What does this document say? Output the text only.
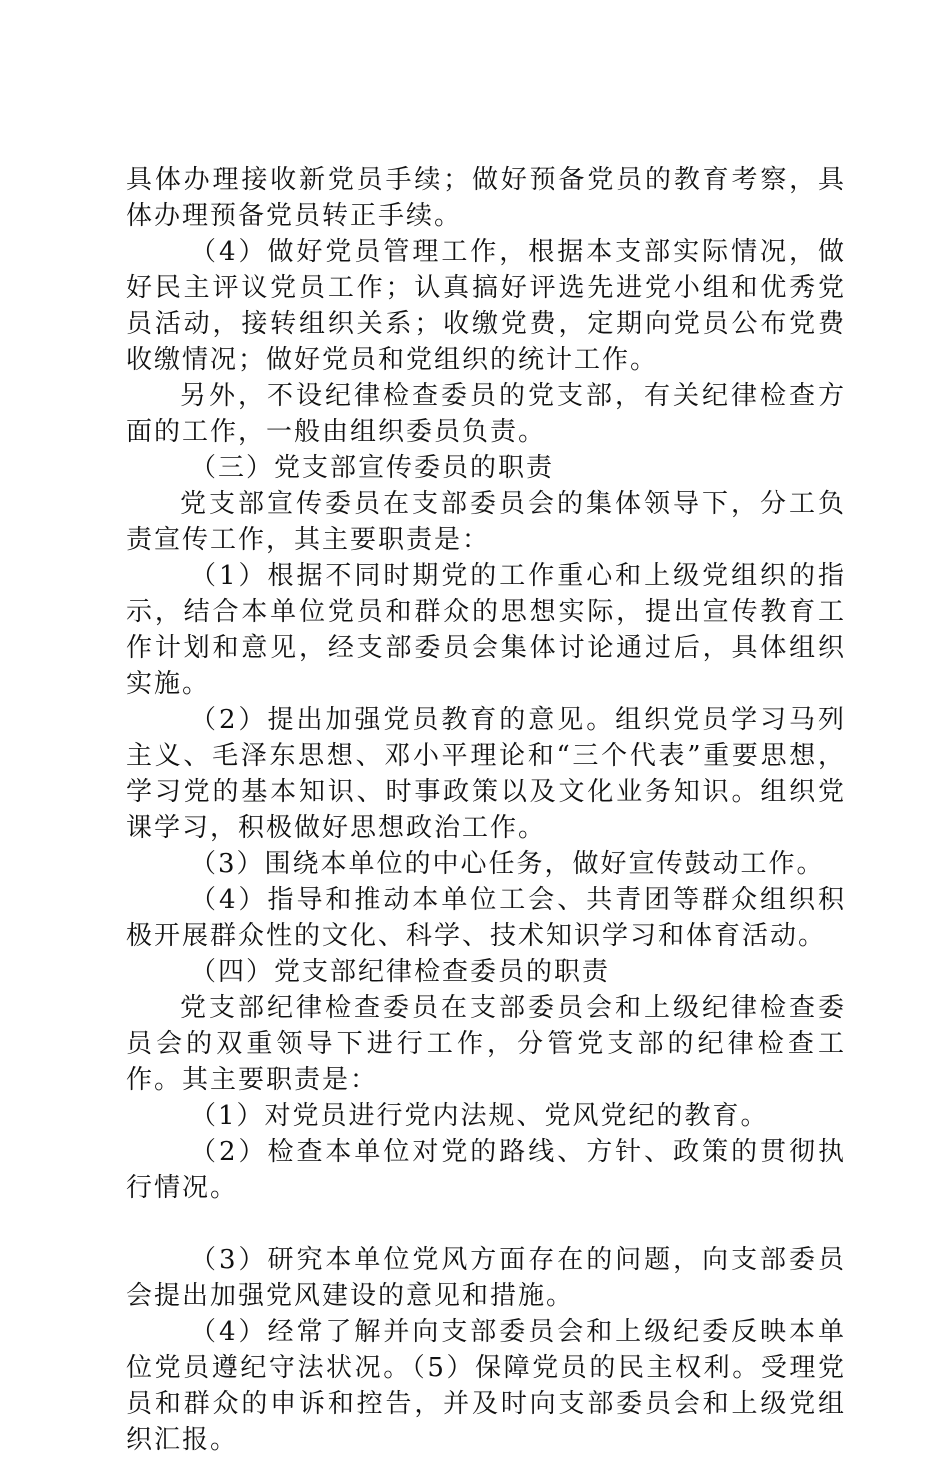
具体办理接收新党员手续；做好预备党员的教育考察，具体办理预备党员转正手续。

（4）做好党员管理工作，根据本支部实际情况，做好民主评议党员工作；认真搞好评选先进党小组和优秀党员活动，接转组织关系；收缴党费，定期向党员公布党费收缴情况；做好党员和党组织的统计工作。

另外，不设纪律检查委员的党支部，有关纪律检查方面的工作，一般由组织委员负责。

（三）党支部宣传委员的职责

党支部宣传委员在支部委员会的集体领导下，分工负责宣传工作，其主要职责是：

（1）根据不同时期党的工作重心和上级党组织的指示，结合本单位党员和群众的思想实际，提出宣传教育工作计划和意见，经支部委员会集体讨论通过后，具体组织实施。

（2）提出加强党员教育的意见。组织党员学习马列主义、毛泽东思想、邓小平理论和“三个代表”重要思想，学习党的基本知识、时事政策以及文化业务知识。组织党课学习，积极做好思想政治工作。

（3）围绕本单位的中心任务，做好宣传鼓动工作。

（4）指导和推动本单位工会、共青团等群众组织积极开展群众性的文化、科学、技术知识学习和体育活动。

（四）党支部纪律检查委员的职责

党支部纪律检查委员在支部委员会和上级纪律检查委员会的双重领导下进行工作，分管党支部的纪律检查工作。其主要职责是：

（1）对党员进行党内法规、党风党纪的教育。

（2）检查本单位对党的路线、方针、政策的贯彻执行情况。

（3）研究本单位党风方面存在的问题，向支部委员会提出加强党风建设的意见和措施。

（4）经常了解并向支部委员会和上级纪委反映本单位党员遵纪守法状况。（5）保障党员的民主权利。受理党员和群众的申诉和控告，并及时向支部委员会和上级党组织汇报。
